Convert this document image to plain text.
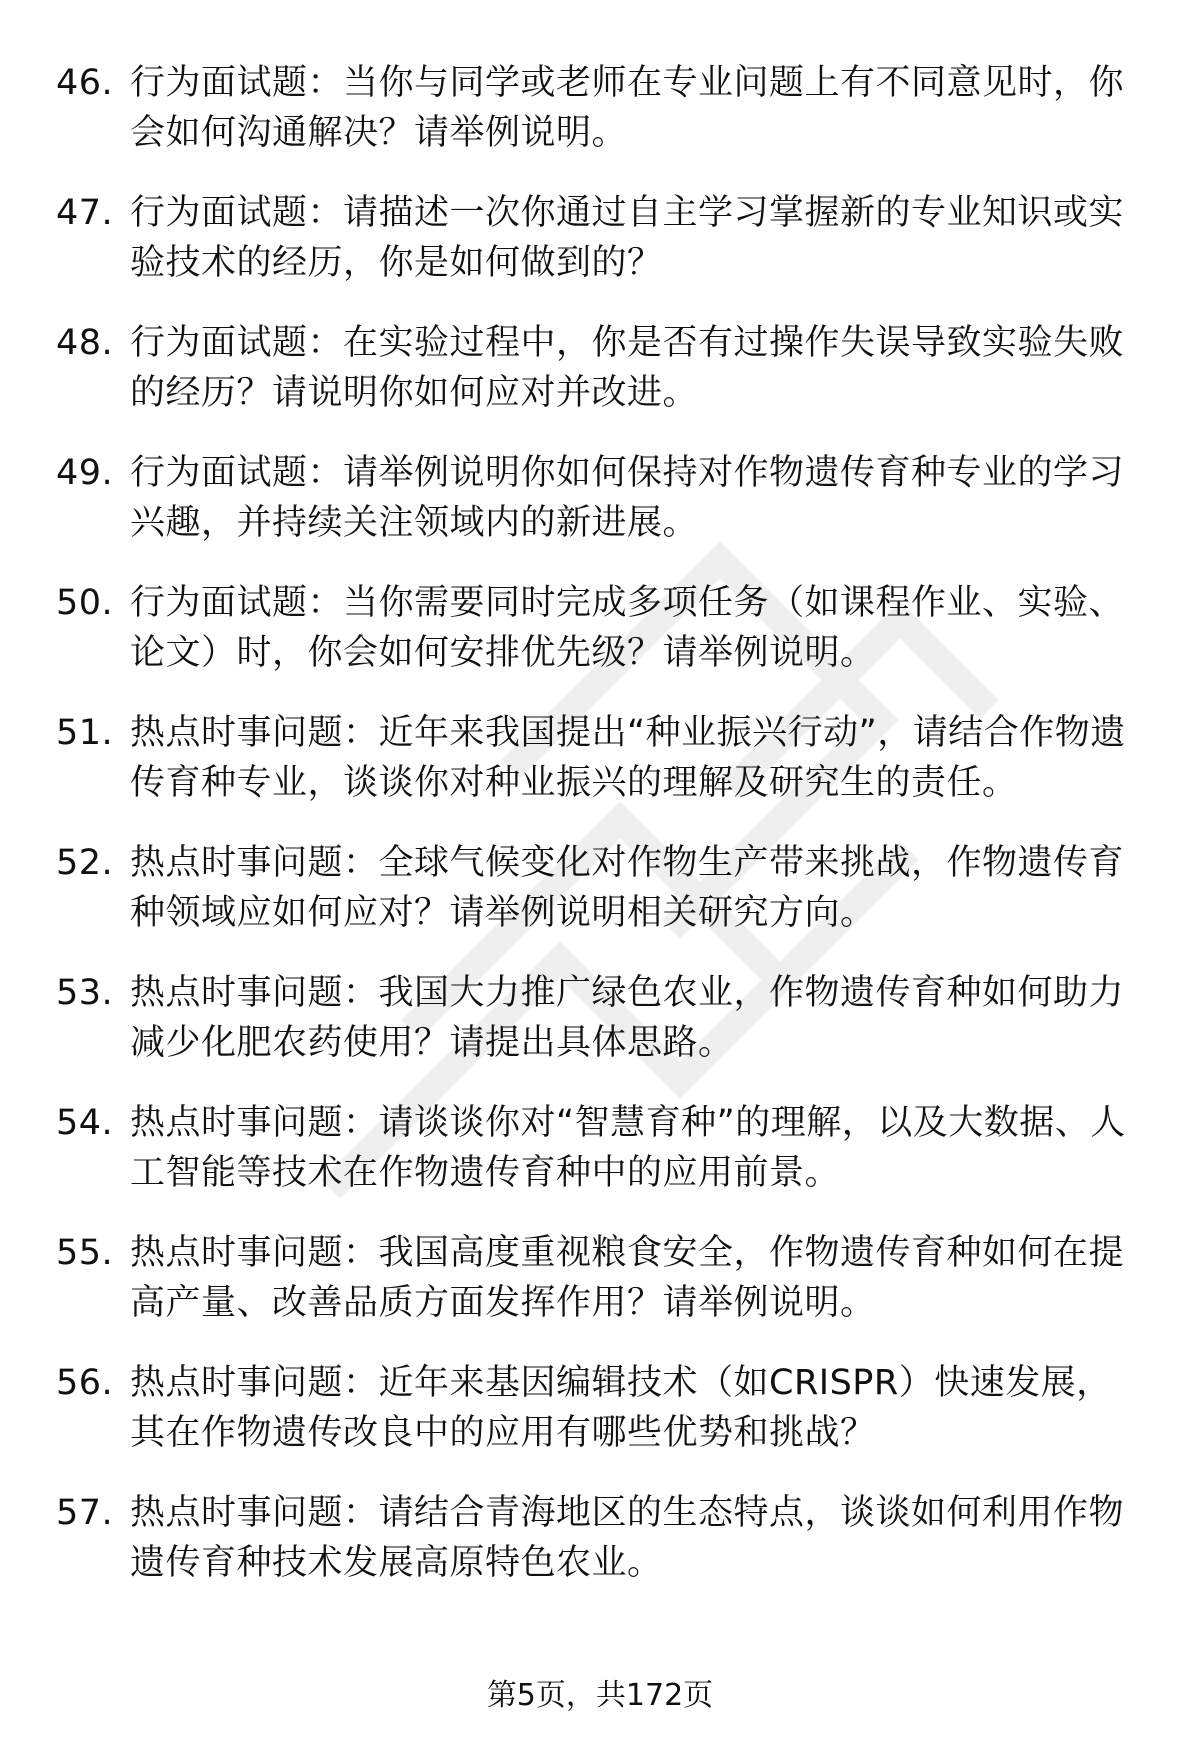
46. 行为面试题：当你与同学或老师在专业问题上有不同意见时，你会如何沟通解决？请举例说明。
47. 行为面试题：请描述一次你通过自主学习掌握新的专业知识或实验技术的经历，你是如何做到的？
48. 行为面试题：在实验过程中，你是否有过操作失误导致实验失败的经历？请说明你如何应对并改进。
49. 行为面试题：请举例说明你如何保持对作物遗传育种专业的学习兴趣，并持续关注领域内的新进展。
50. 行为面试题：当你需要同时完成多项任务（如课程作业、实验、论文）时，你会如何安排优先级？请举例说明。
51. 热点时事问题：近年来我国提出“种业振兴行动”，请结合作物遗传育种专业，谈谈你对种业振兴的理解及研究生的责任。
52. 热点时事问题：全球气候变化对作物生产带来挑战，作物遗传育种领域应如何应对？请举例说明相关研究方向。
53. 热点时事问题：我国大力推广绿色农业，作物遗传育种如何助力减少化肥农药使用？请提出具体思路。
54. 热点时事问题：请谈谈你对“智慧育种”的理解，以及大数据、人工智能等技术在作物遗传育种中的应用前景。
55. 热点时事问题：我国高度重视粮食安全，作物遗传育种如何在提高产量、改善品质方面发挥作用？请举例说明。
56. 热点时事问题：近年来基因编辑技术（如CRISPR）快速发展，其在作物遗传改良中的应用有哪些优势和挑战？
57. 热点时事问题：请结合青海地区的生态特点，谈谈如何利用作物遗传育种技术发展高原特色农业。
第5页，共172页
